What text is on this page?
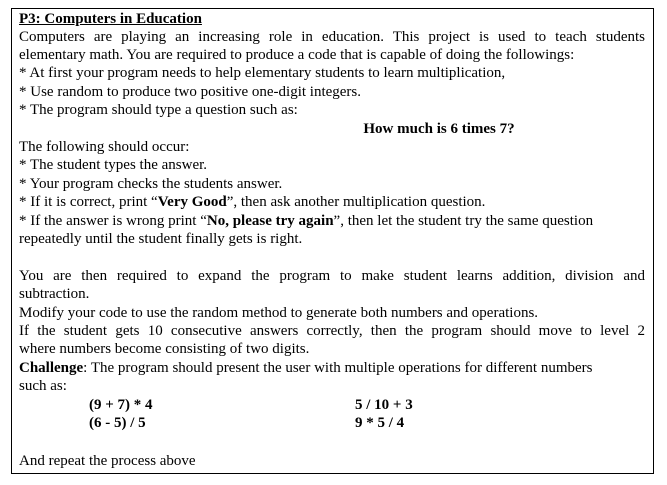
P3: Computers in Education
Computers are playing an increasing role in education. This project is used to teach students
elementary math. You are required to produce a code that is capable of doing the followings:
* At first your program needs to help elementary students to learn multiplication,
* Use random to produce two positive one-digit integers.
* The program should type a question such as:
How much is 6 times 7?
The following should occur:
* The student types the answer.
* Your program checks the students answer.
* If it is correct, print “Very Good”, then ask another multiplication question.
* If the answer is wrong print “No, please try again”, then let the student try the same question
repeatedly until the student finally gets is right.
You are then required to expand the program to make student learns addition, division and
subtraction.
Modify your code to use the random method to generate both numbers and operations.
If the student gets 10 consecutive answers correctly, then the program should move to level 2
where numbers become consisting of two digits.
Challenge: The program should present the user with multiple operations for different numbers
such as:
(9 + 7) * 4
(6 - 5) / 5
5 / 10 + 3
9 * 5 / 4
And repeat the process above
